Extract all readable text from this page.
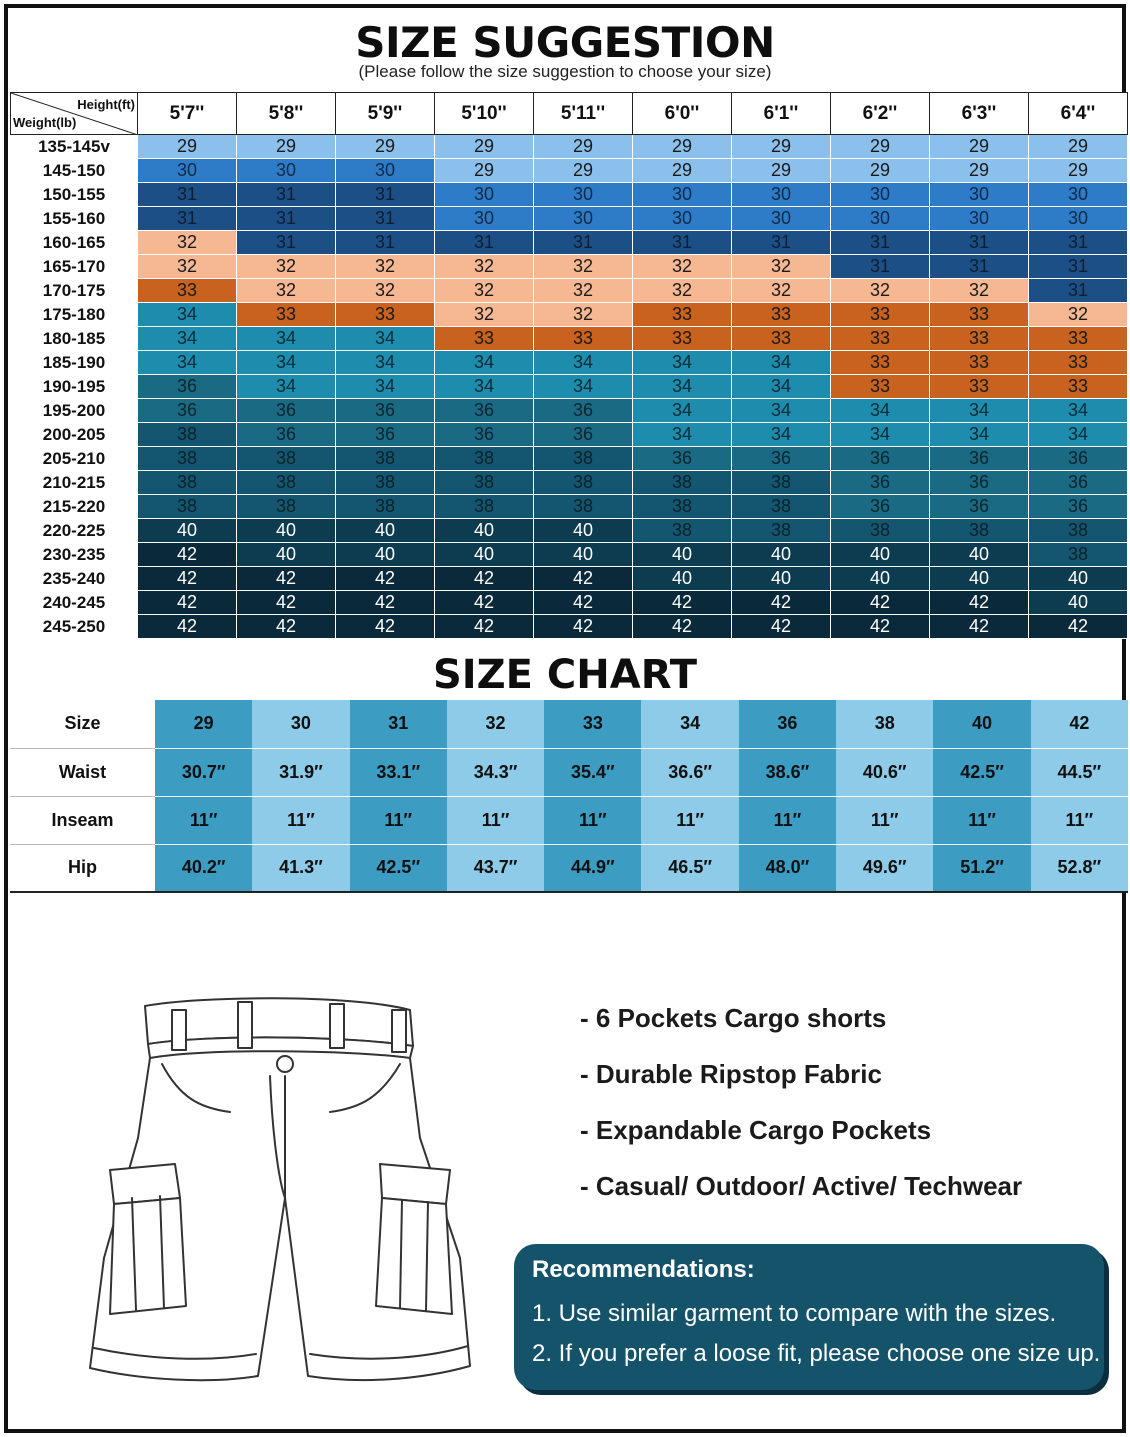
SIZE SUGGESTION
(Please follow the size suggestion to choose your size)
Height(ft)
Weight(lb)	5'7''	5'8''	5'9''	5'10''	5'11''	6'0''	6'1''	6'2''	6'3''	6'4''
135-145v	29	29	29	29	29	29	29	29	29	29
145-150	30	30	30	29	29	29	29	29	29	29
150-155	31	31	31	30	30	30	30	30	30	30
155-160	31	31	31	30	30	30	30	30	30	30
160-165	32	31	31	31	31	31	31	31	31	31
165-170	32	32	32	32	32	32	32	31	31	31
170-175	33	32	32	32	32	32	32	32	32	31
175-180	34	33	33	32	32	33	33	33	33	32
180-185	34	34	34	33	33	33	33	33	33	33
185-190	34	34	34	34	34	34	34	33	33	33
190-195	36	34	34	34	34	34	34	33	33	33
195-200	36	36	36	36	36	34	34	34	34	34
200-205	38	36	36	36	36	34	34	34	34	34
205-210	38	38	38	38	38	36	36	36	36	36
210-215	38	38	38	38	38	38	38	36	36	36
215-220	38	38	38	38	38	38	38	36	36	36
220-225	40	40	40	40	40	38	38	38	38	38
230-235	42	40	40	40	40	40	40	40	40	38
235-240	42	42	42	42	42	40	40	40	40	40
240-245	42	42	42	42	42	42	42	42	42	40
245-250	42	42	42	42	42	42	42	42	42	42
SIZE CHART
Size	29	30	31	32	33	34	36	38	40	42
Waist	30.7″	31.9″	33.1″	34.3″	35.4″	36.6″	38.6″	40.6″	42.5″	44.5″
Inseam	11″	11″	11″	11″	11″	11″	11″	11″	11″	11″
Hip	40.2″	41.3″	42.5″	43.7″	44.9″	46.5″	48.0″	49.6″	51.2″	52.8″
- 6 Pockets Cargo shorts
- Durable Ripstop Fabric
- Expandable Cargo Pockets
- Casual/ Outdoor/ Active/ Techwear
Recommendations:
1. Use similar garment to compare with the sizes.
2. If you prefer a loose fit, please choose one size up.
